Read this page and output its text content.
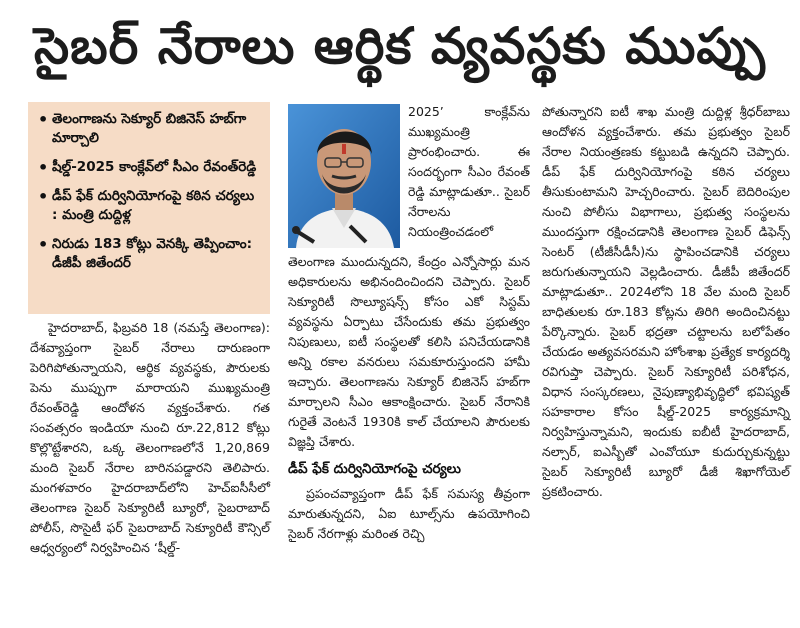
సైబర్ నేరాలు ఆర్థిక వ్యవస్థకు ముప్పు
• తెలంగాణను సెక్యూర్ బిజినెస్ హబ్‌గా మార్చాలి
• షీల్డ్-2025 కాంక్లేవ్‌లో సీఎం రేవంత్‌రెడ్డి
• డీప్ ఫేక్ దుర్వినియోగంపై కఠిన చర్యలు : మంత్రి దుద్దిళ్ల
• నిరుడు 183 కోట్లు వెనక్కి తెప్పించాం: డీజీపీ జితేందర్

హైదరాబాద్, ఫిబ్రవరి 18 (నమస్తే తెలంగాణ): దేశవ్యాప్తంగా సైబర్ నేరాలు దారుణంగా పెరిగిపోతున్నాయని, ఆర్థిక వ్యవస్థకు, పౌరులకు పెను ముప్పుగా మారాయని ముఖ్యమంత్రి రేవంత్‌రెడ్డి ఆందోళన వ్యక్తంచేశారు. గత సంవత్సరం ఇండియా నుంచి రూ.22,812 కోట్లు కొల్లొట్టేశారని, ఒక్క తెలంగాణలోనే 1,20,869 మంది సైబర్ నేరాల బారినపడ్డారని తెలిపారు. మంగళవారం హైదరాబాద్‌లోని హెచ్ఐసీసీలో తెలంగాణ సైబర్ సెక్యూరిటీ బ్యూరో, సైబరాబాద్ పోలీస్, సొసైటీ ఫర్ సైబరాబాద్ సెక్యూరిటీ కౌన్సిల్ ఆధ్వర్యంలో నిర్వహించిన ‘షీల్డ్-

2025’ కాంక్లేవ్‌ను ముఖ్యమంత్రి ప్రారంభించారు. ఈ సందర్భంగా సీఎం రేవంత్ రెడ్డి మాట్లాడుతూ.. సైబర్ నేరాలను నియంత్రించడంలో

తెలంగాణ ముందున్నదని, కేంద్రం ఎన్నోసార్లు మన అధికారులను అభినందించిందని చెప్పారు. సైబర్ సెక్యూరిటీ సొల్యూషన్స్ కోసం ఎకో సిస్టమ్ వ్యవస్థను ఏర్పాటు చేసేందుకు తమ ప్రభుత్వం నిపుణులు, ఐటీ సంస్థలతో కలిసి పనిచేయడానికి అన్ని రకాల వనరులు సమకూరుస్తుందని హామీ ఇచ్చారు. తెలంగాణను సెక్యూర్ బిజినెస్ హబ్‌గా మార్చాలని సీఎం ఆకాంక్షించారు. సైబర్ నేరానికి గురైతే వెంటనే 1930కి కాల్ చేయాలని పౌరులకు విజ్ఞప్తి చేశారు.

డీప్ ఫేక్ దుర్వినియోగంపై చర్యలు

ప్రపంచవ్యాప్తంగా డీప్ ఫేక్ సమస్య తీవ్రంగా మారుతున్నదని, ఏఐ టూల్స్‌ను ఉపయోగించి సైబర్ నేరగాళ్లు మరింత రెచ్చి

పోతున్నారని ఐటీ శాఖ మంత్రి దుద్దిళ్ల శ్రీధర్‌బాబు ఆందోళన వ్యక్తంచేశారు. తమ ప్రభుత్వం సైబర్ నేరాల నియంత్రణకు కట్టుబడి ఉన్నదని చెప్పారు. డీప్ ఫేక్ దుర్వినియోగంపై కఠిన చర్యలు తీసుకుంటామని హెచ్చరించారు. సైబర్ బెదిరింపుల నుంచి పోలీసు విభాగాలు, ప్రభుత్వ సంస్థలను ముందస్తుగా రక్షించడానికి తెలంగాణ సైబర్ డిఫెన్స్ సెంటర్ (టీజీసీడీసీ)ను స్థాపించడానికి చర్యలు జరుగుతున్నాయని వెల్లడించారు. డీజీపీ జితేందర్ మాట్లాడుతూ.. 2024లోని 18 వేల మంది సైబర్ బాధితులకు రూ.183 కోట్లను తిరిగి అందించినట్టు పేర్కొన్నారు. సైబర్ భద్రతా చట్టాలను బలోపేతం చేయడం అత్యవసరమని హోంశాఖ ప్రత్యేక కార్యదర్శి రవిగుప్తా చెప్పారు. సైబర్ సెక్యూరిటీ పరిశోధన, విధాన సంస్కరణలు, నైపుణ్యాభివృద్ధిలో భవిష్యత్ సహకారాల కోసం షీల్డ్-2025 కార్యక్రమాన్ని నిర్వహిస్తున్నామని, ఇందుకు ఐబీటీ హైదరాబాద్, నల్సార్, ఐఎస్బీతో ఎంవోయూ కుదుర్చుకున్నట్టు సైబర్ సెక్యూరిటీ బ్యూరో డీజీ శిఖాగోయెల్ ప్రకటించారు.
